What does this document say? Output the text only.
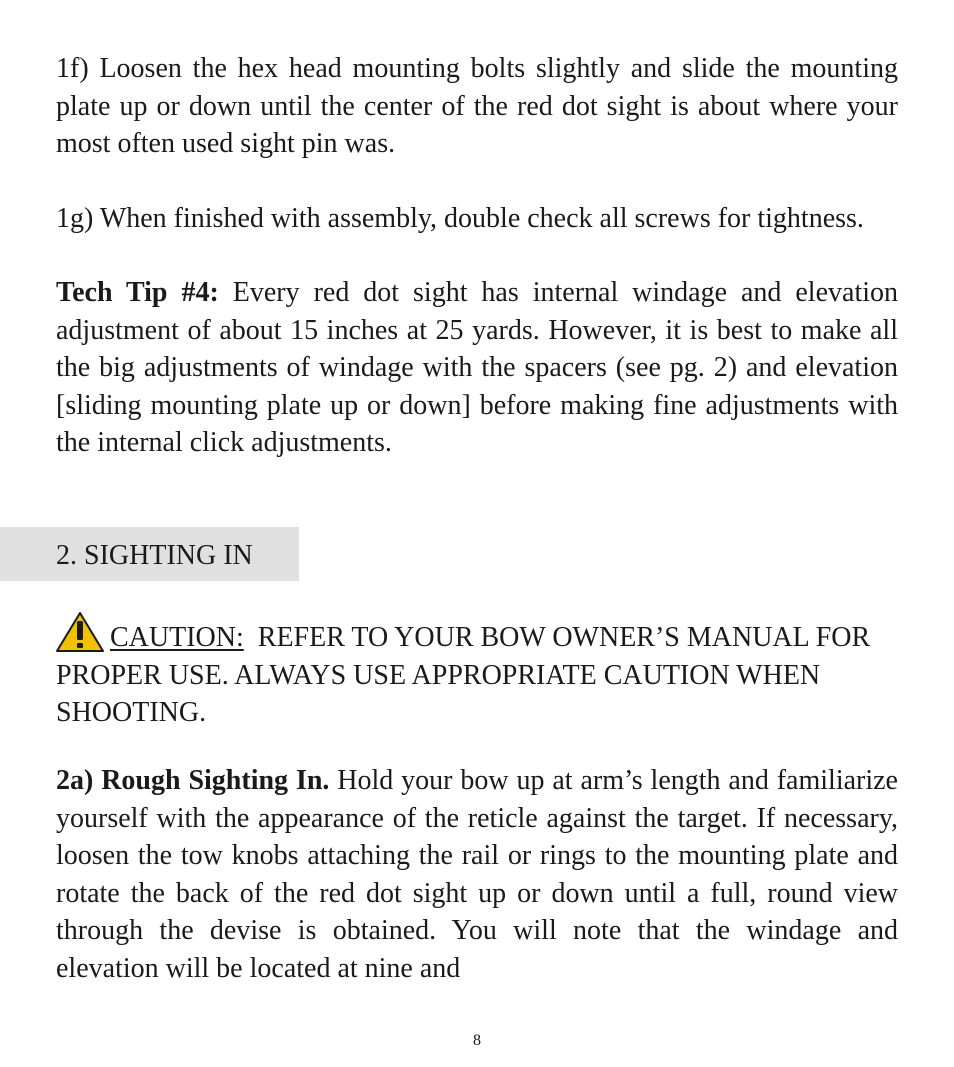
1f) Loosen the hex head mounting bolts slightly and slide the mounting plate up or down until the center of the red dot sight is about where your most often used sight pin was.

1g) When finished with assembly, double check all screws for tightness.

Tech Tip #4: Every red dot sight has internal windage and elevation adjustment of about 15 inches at 25 yards. However, it is best to make all the big adjustments of windage with the spacers (see pg. 2) and elevation [sliding mounting plate up or down] before making fine adjustments with the internal click adjustments.

2. SIGHTING IN
CAUTION: REFER TO YOUR BOW OWNER’S MANUAL FOR PROPER USE. ALWAYS USE APPROPRIATE CAUTION WHEN SHOOTING.

2a) Rough Sighting In. Hold your bow up at arm’s length and familiarize yourself with the appearance of the reticle against the target. If necessary, loosen the tow knobs attaching the rail or rings to the mounting plate and rotate the back of the red dot sight up or down until a full, round view through the devise is obtained. You will note that the windage and elevation will be located at nine and

8
